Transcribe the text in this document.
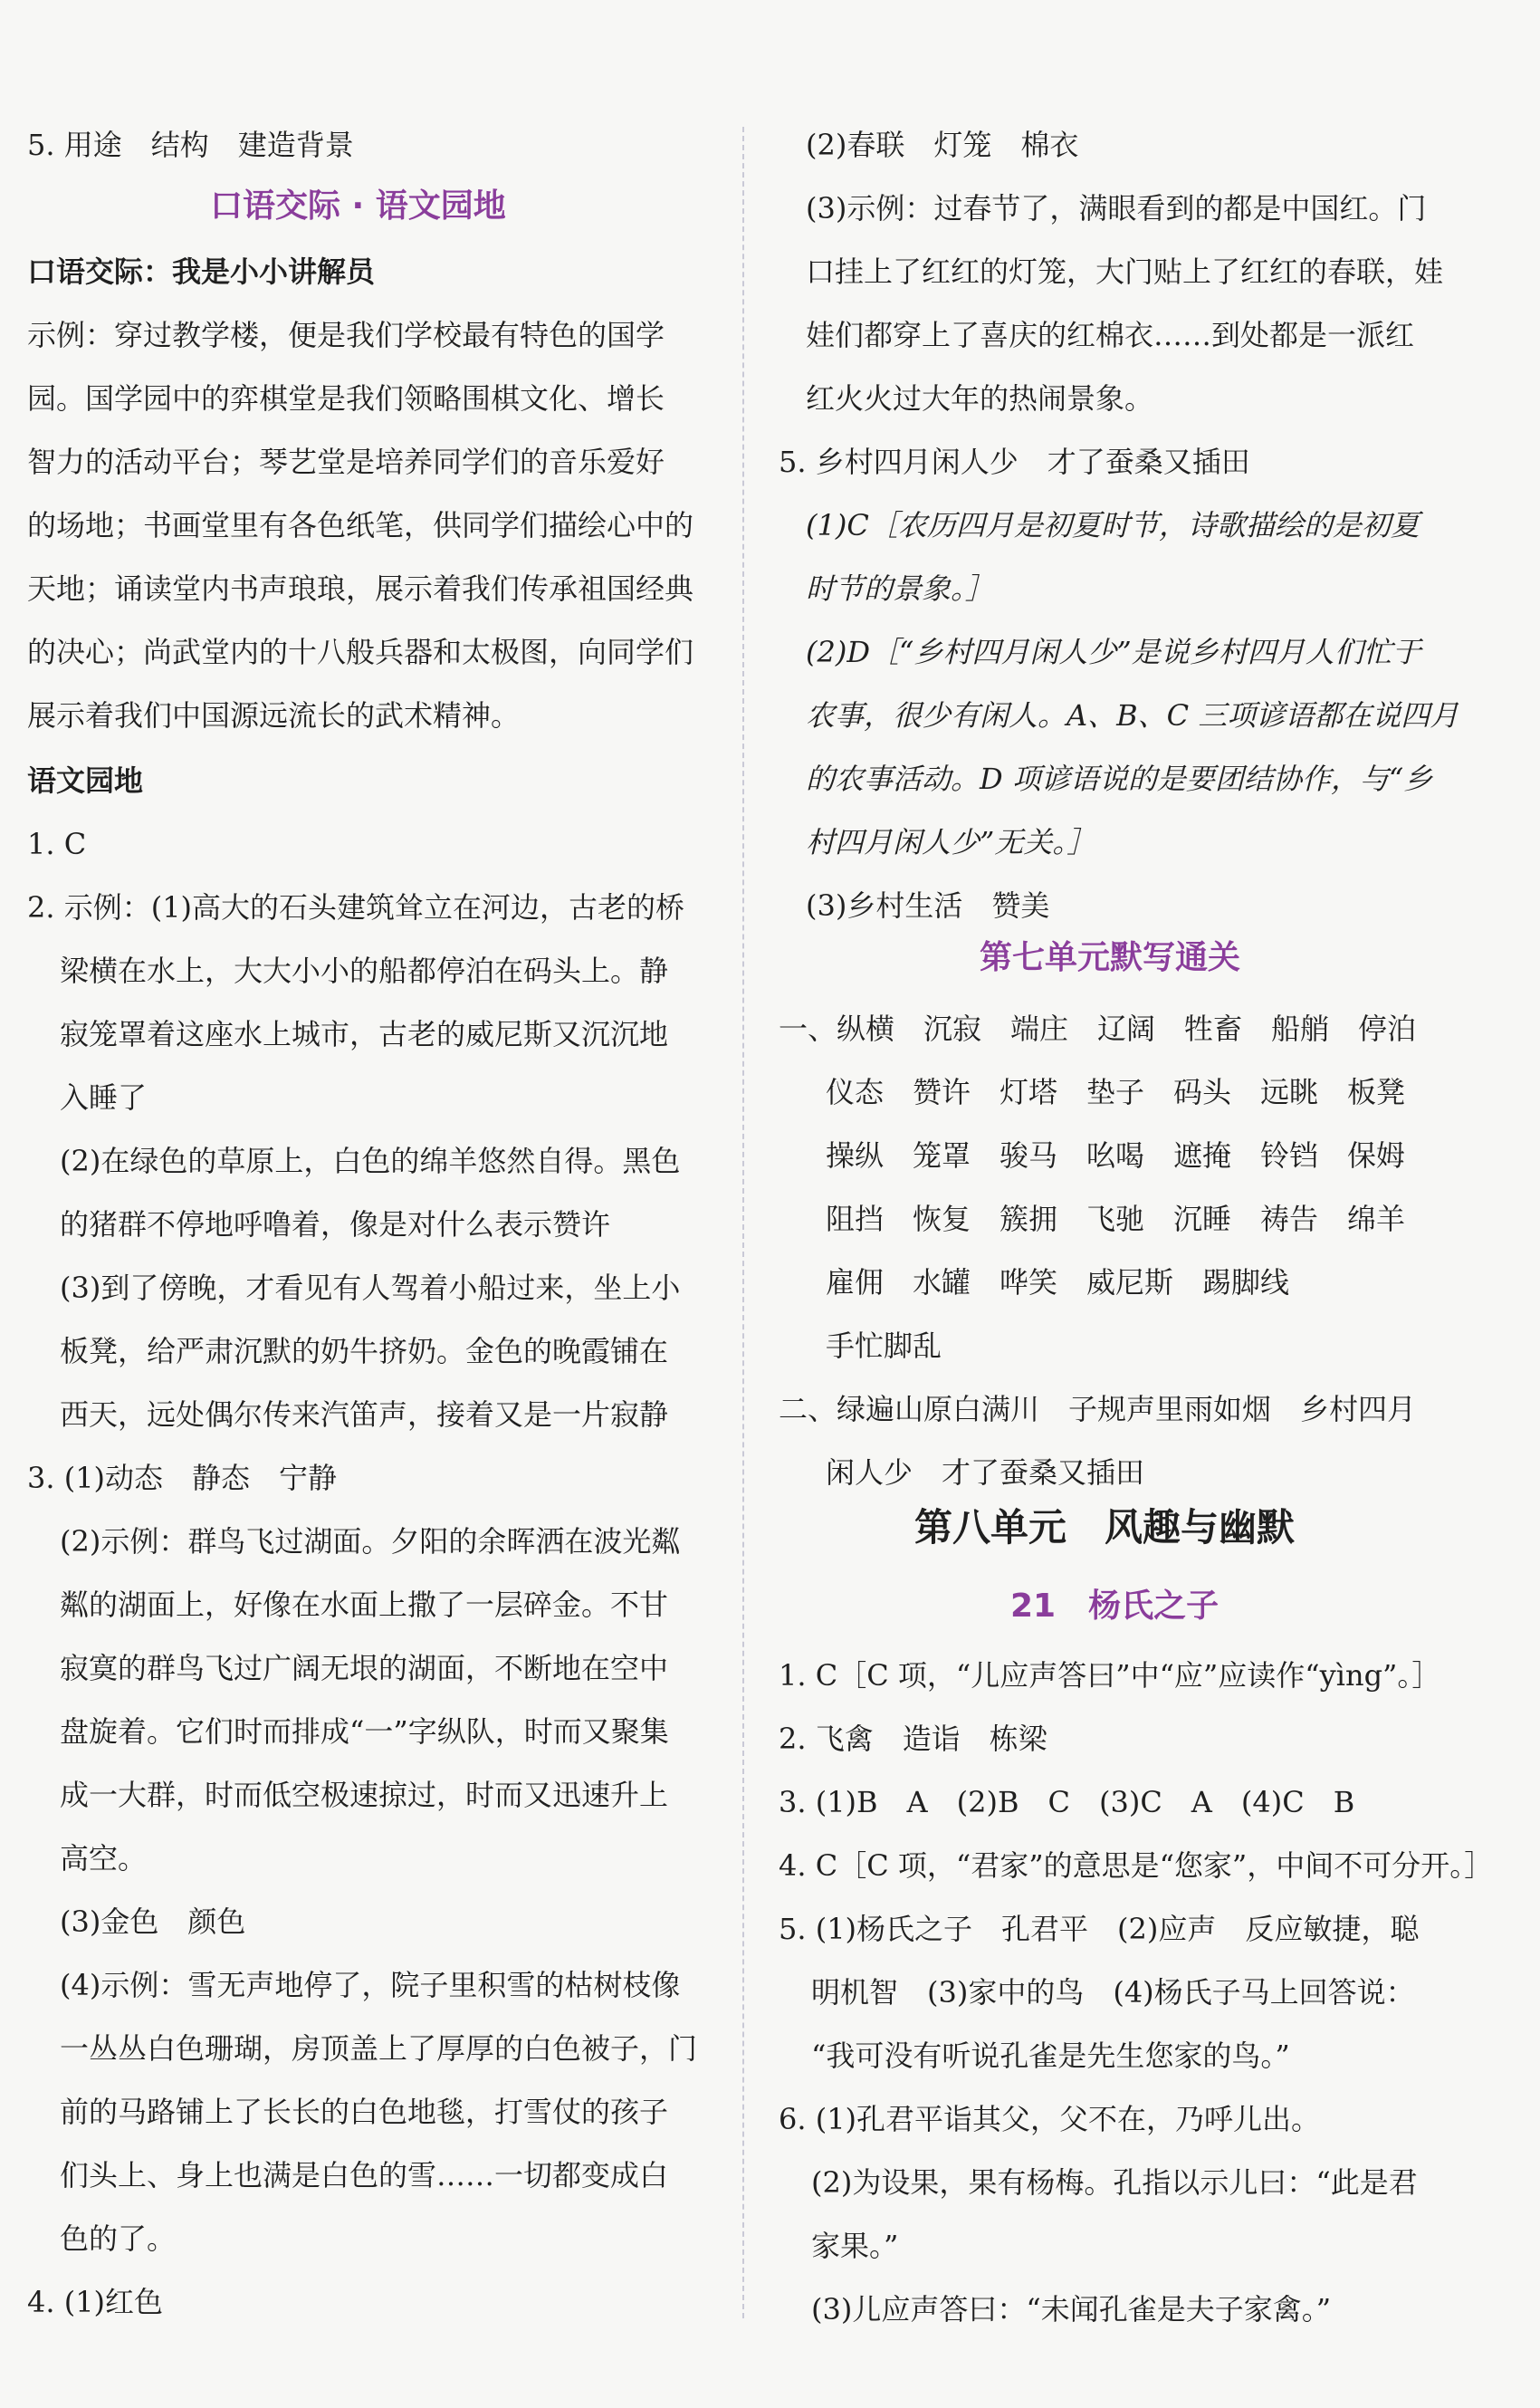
5. 用途　结构　建造背景
口语交际 · 语文园地
口语交际：我是小小讲解员
示例：穿过教学楼，便是我们学校最有特色的国学
园。国学园中的弈棋堂是我们领略围棋文化、增长
智力的活动平台；琴艺堂是培养同学们的音乐爱好
的场地；书画堂里有各色纸笔，供同学们描绘心中的
天地；诵读堂内书声琅琅，展示着我们传承祖国经典
的决心；尚武堂内的十八般兵器和太极图，向同学们
展示着我们中国源远流长的武术精神。
语文园地
1. C
2. 示例：(1)高大的石头建筑耸立在河边，古老的桥
梁横在水上，大大小小的船都停泊在码头上。静
寂笼罩着这座水上城市，古老的威尼斯又沉沉地
入睡了
(2)在绿色的草原上，白色的绵羊悠然自得。黑色
的猪群不停地呼噜着，像是对什么表示赞许
(3)到了傍晚，才看见有人驾着小船过来，坐上小
板凳，给严肃沉默的奶牛挤奶。金色的晚霞铺在
西天，远处偶尔传来汽笛声，接着又是一片寂静
3. (1)动态　静态　宁静
(2)示例：群鸟飞过湖面。夕阳的余晖洒在波光粼
粼的湖面上，好像在水面上撒了一层碎金。不甘
寂寞的群鸟飞过广阔无垠的湖面，不断地在空中
盘旋着。它们时而排成“一”字纵队，时而又聚集
成一大群，时而低空极速掠过，时而又迅速升上
高空。
(3)金色　颜色
(4)示例：雪无声地停了，院子里积雪的枯树枝像
一丛丛白色珊瑚，房顶盖上了厚厚的白色被子，门
前的马路铺上了长长的白色地毯，打雪仗的孩子
们头上、身上也满是白色的雪……一切都变成白
色的了。
4. (1)红色
(2)春联　灯笼　棉衣
(3)示例：过春节了，满眼看到的都是中国红。门
口挂上了红红的灯笼，大门贴上了红红的春联，娃
娃们都穿上了喜庆的红棉衣……到处都是一派红
红火火过大年的热闹景象。
5. 乡村四月闲人少　才了蚕桑又插田
(1)C［农历四月是初夏时节，诗歌描绘的是初夏
时节的景象。］
(2)D［“乡村四月闲人少”是说乡村四月人们忙于
农事，很少有闲人。A、B、C 三项谚语都在说四月
的农事活动。D 项谚语说的是要团结协作，与“乡
村四月闲人少”无关。］
(3)乡村生活　赞美
第七单元默写通关
一、纵横　沉寂　端庄　辽阔　牲畜　船艄　停泊
仪态　赞许　灯塔　垫子　码头　远眺　板凳
操纵　笼罩　骏马　吆喝　遮掩　铃铛　保姆
阻挡　恢复　簇拥　飞驰　沉睡　祷告　绵羊
雇佣　水罐　哗笑　威尼斯　踢脚线
手忙脚乱
二、绿遍山原白满川　子规声里雨如烟　乡村四月
闲人少　才了蚕桑又插田
第八单元　风趣与幽默
21　杨氏之子
1. C［C 项，“儿应声答曰”中“应”应读作“yìng”。］
2. 飞禽　造诣　栋梁
3. (1)B　A　(2)B　C　(3)C　A　(4)C　B
4. C［C 项，“君家”的意思是“您家”，中间不可分开。］
5. (1)杨氏之子　孔君平　(2)应声　反应敏捷，聪
明机智　(3)家中的鸟　(4)杨氏子马上回答说：
“我可没有听说孔雀是先生您家的鸟。”
6. (1)孔君平诣其父，父不在，乃呼儿出。
(2)为设果，果有杨梅。孔指以示儿曰：“此是君
家果。”
(3)儿应声答曰：“未闻孔雀是夫子家禽。”
